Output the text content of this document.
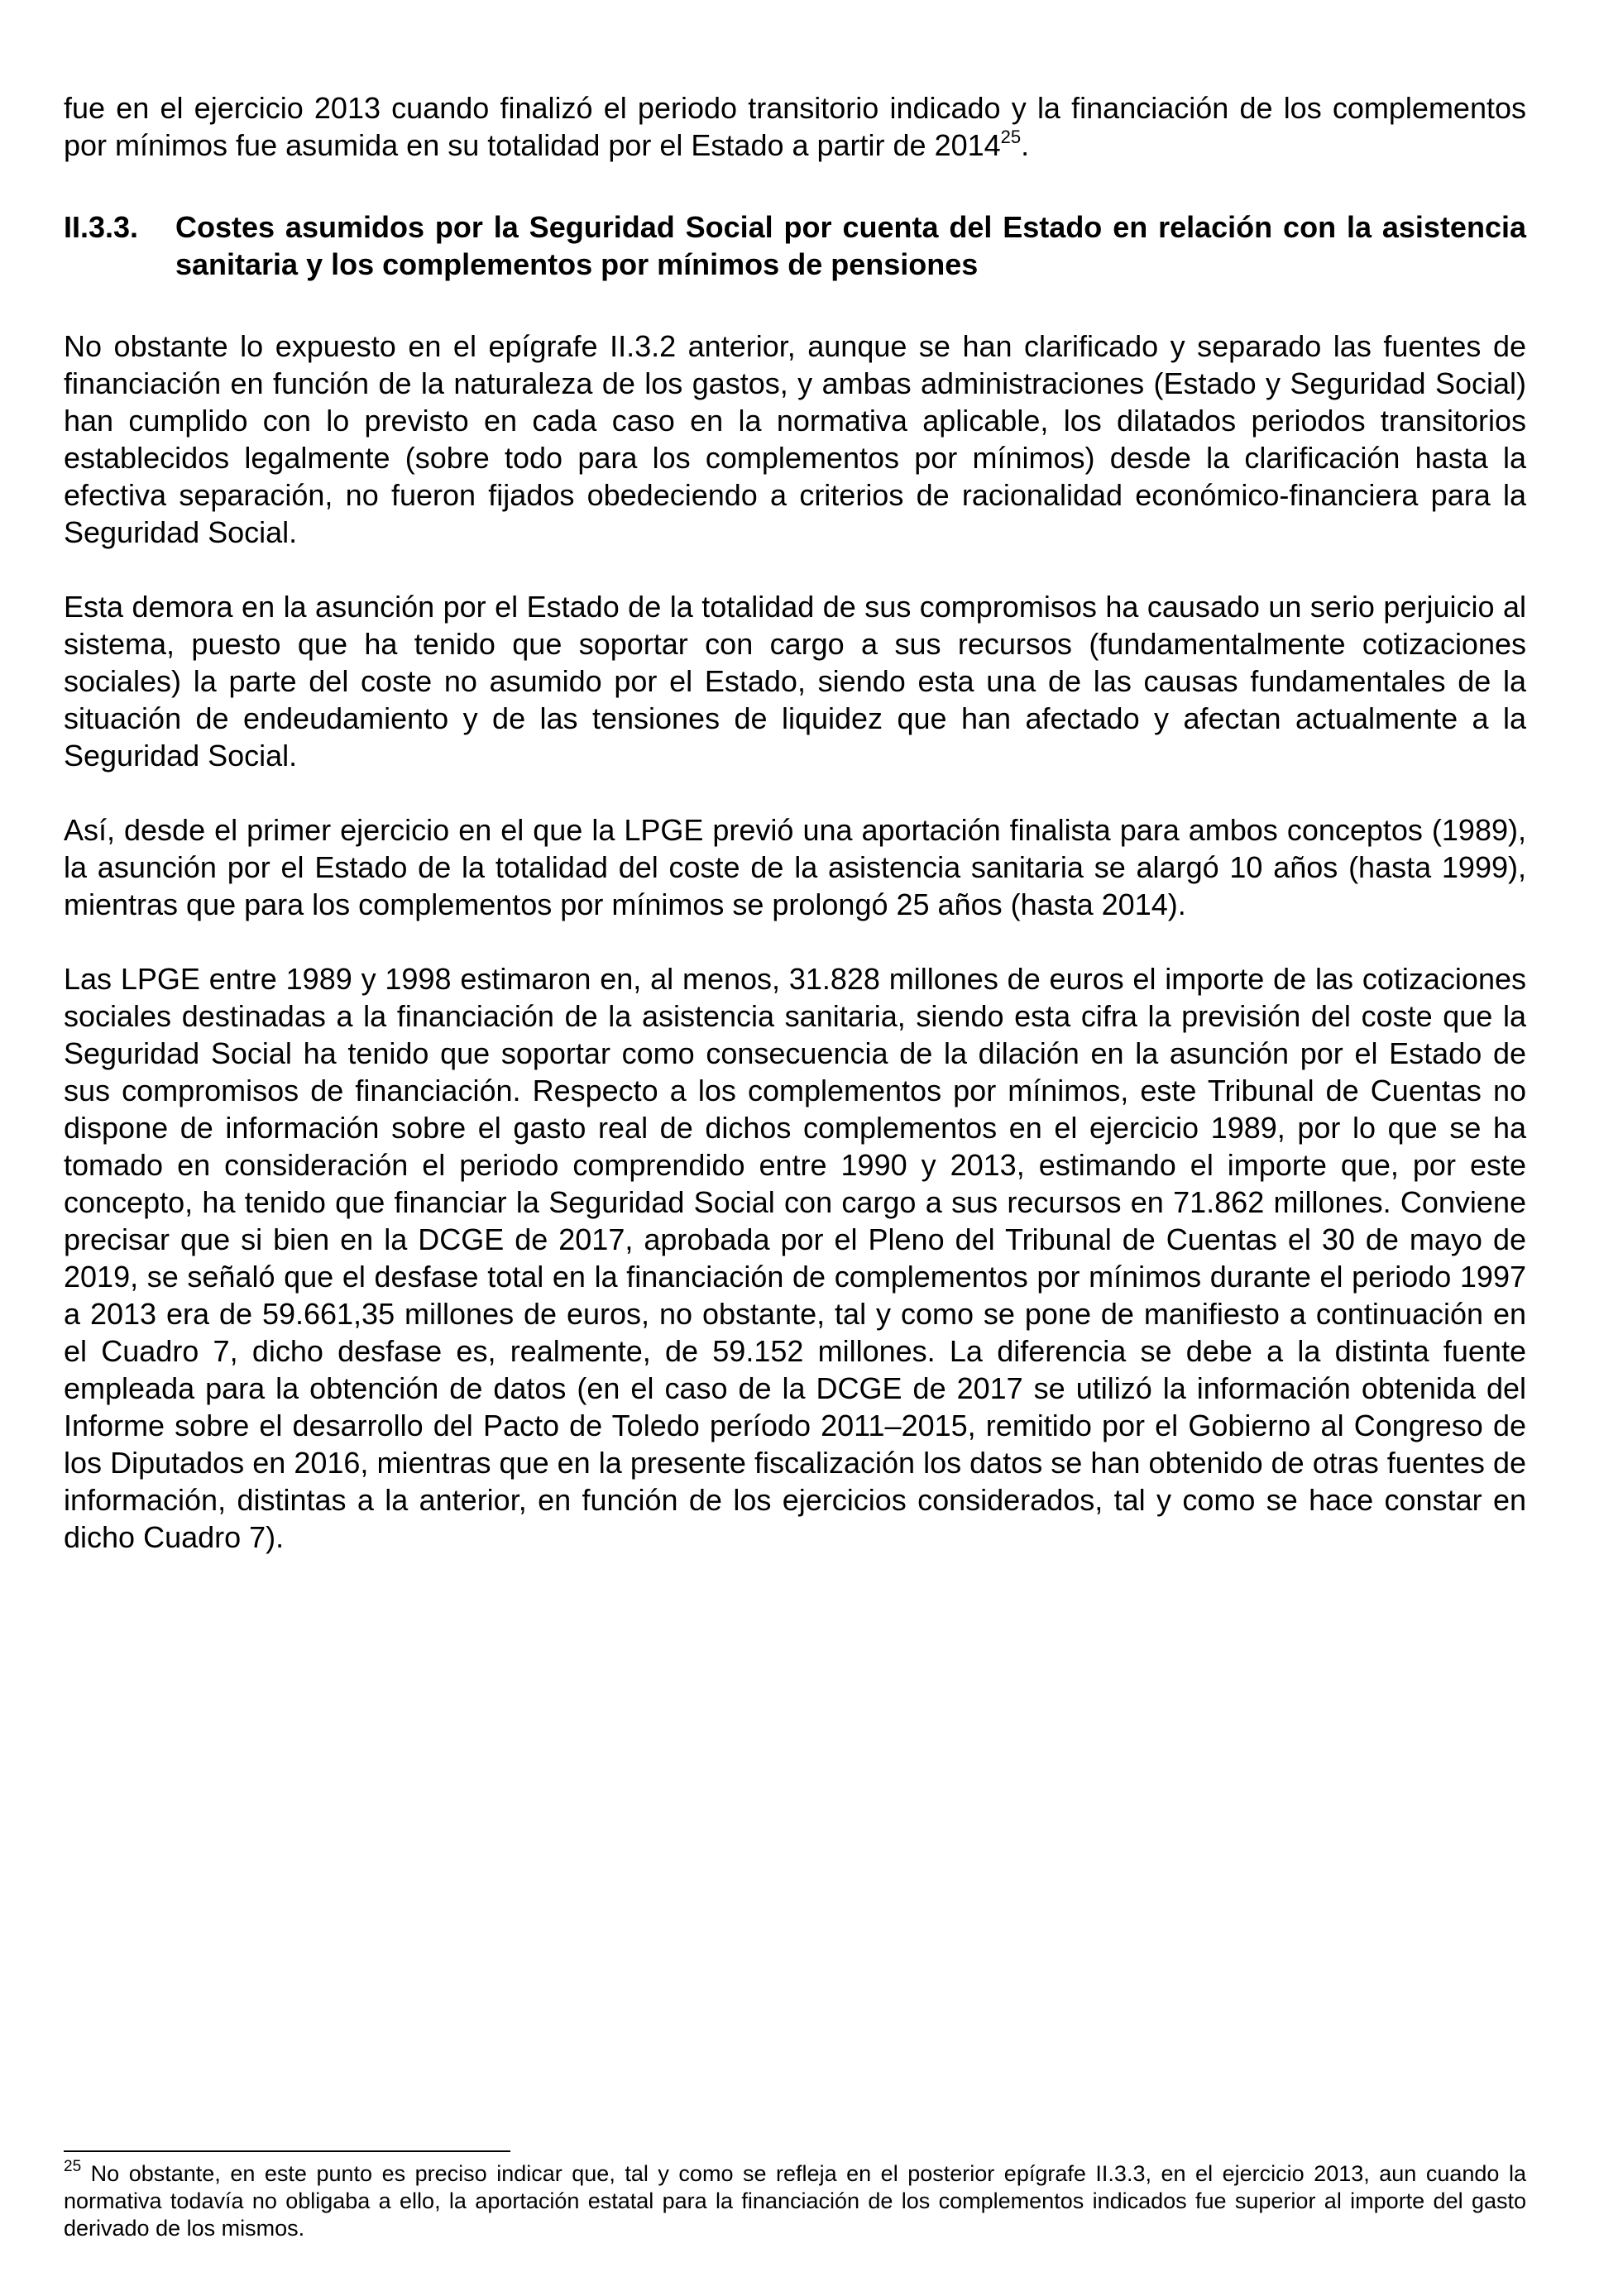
fue en el ejercicio 2013 cuando finalizó el periodo transitorio indicado y la financiación de los complementos por mínimos fue asumida en su totalidad por el Estado a partir de 2014$^{25}$.

II.3.3.	Costes asumidos por la Seguridad Social por cuenta del Estado en relación con la asistencia sanitaria y los complementos por mínimos de pensiones

No obstante lo expuesto en el epígrafe II.3.2 anterior, aunque se han clarificado y separado las fuentes de financiación en función de la naturaleza de los gastos, y ambas administraciones (Estado y Seguridad Social) han cumplido con lo previsto en cada caso en la normativa aplicable, los dilatados periodos transitorios establecidos legalmente (sobre todo para los complementos por mínimos) desde la clarificación hasta la efectiva separación, no fueron fijados obedeciendo a criterios de racionalidad económico-financiera para la Seguridad Social.

Esta demora en la asunción por el Estado de la totalidad de sus compromisos ha causado un serio perjuicio al sistema, puesto que ha tenido que soportar con cargo a sus recursos (fundamentalmente cotizaciones sociales) la parte del coste no asumido por el Estado, siendo esta una de las causas fundamentales de la situación de endeudamiento y de las tensiones de liquidez que han afectado y afectan actualmente a la Seguridad Social.

Así, desde el primer ejercicio en el que la LPGE previó una aportación finalista para ambos conceptos (1989), la asunción por el Estado de la totalidad del coste de la asistencia sanitaria se alargó 10 años (hasta 1999), mientras que para los complementos por mínimos se prolongó 25 años (hasta 2014).

Las LPGE entre 1989 y 1998 estimaron en, al menos, 31.828 millones de euros el importe de las cotizaciones sociales destinadas a la financiación de la asistencia sanitaria, siendo esta cifra la previsión del coste que la Seguridad Social ha tenido que soportar como consecuencia de la dilación en la asunción por el Estado de sus compromisos de financiación. Respecto a los complementos por mínimos, este Tribunal de Cuentas no dispone de información sobre el gasto real de dichos complementos en el ejercicio 1989, por lo que se ha tomado en consideración el periodo comprendido entre 1990 y 2013, estimando el importe que, por este concepto, ha tenido que financiar la Seguridad Social con cargo a sus recursos en 71.862 millones. Conviene precisar que si bien en la DCGE de 2017, aprobada por el Pleno del Tribunal de Cuentas el 30 de mayo de 2019, se señaló que el desfase total en la financiación de complementos por mínimos durante el periodo 1997 a 2013 era de 59.661,35 millones de euros, no obstante, tal y como se pone de manifiesto a continuación en el Cuadro 7, dicho desfase es, realmente, de 59.152 millones. La diferencia se debe a la distinta fuente empleada para la obtención de datos (en el caso de la DCGE de 2017 se utilizó la información obtenida del Informe sobre el desarrollo del Pacto de Toledo período 2011–2015, remitido por el Gobierno al Congreso de los Diputados en 2016, mientras que en la presente fiscalización los datos se han obtenido de otras fuentes de información, distintas a la anterior, en función de los ejercicios considerados, tal y como se hace constar en dicho Cuadro 7).

$^{25}$ No obstante, en este punto es preciso indicar que, tal y como se refleja en el posterior epígrafe II.3.3, en el ejercicio 2013, aun cuando la normativa todavía no obligaba a ello, la aportación estatal para la financiación de los complementos indicados fue superior al importe del gasto derivado de los mismos.
